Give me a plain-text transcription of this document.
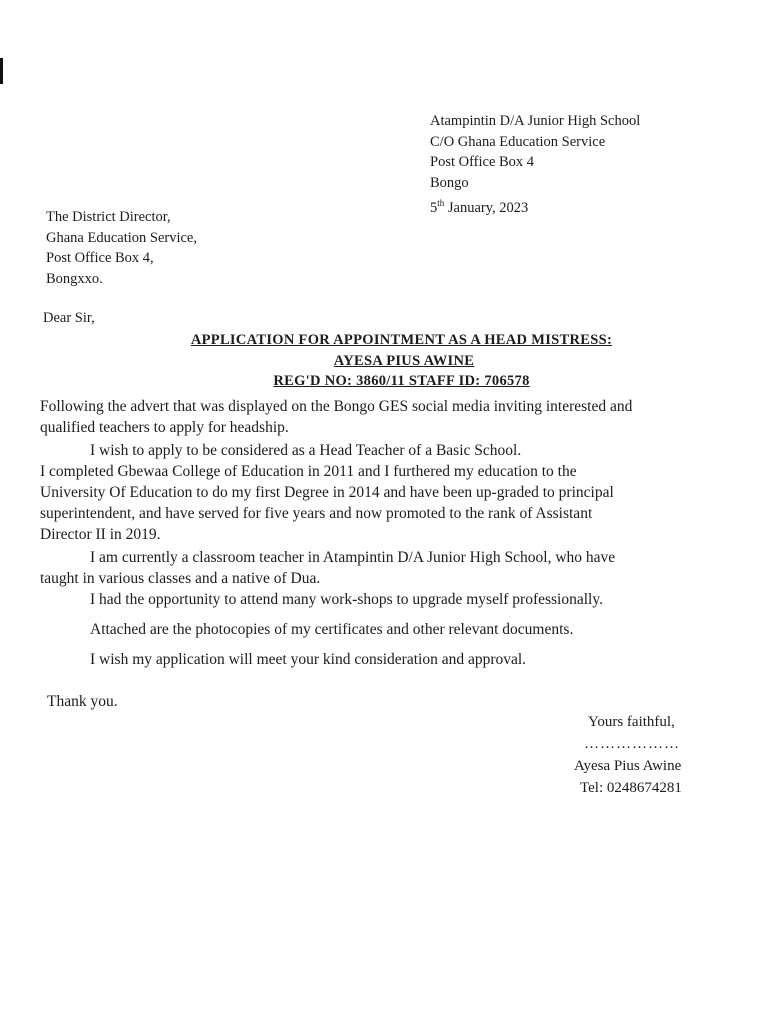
Atampintin D/A Junior High School
C/O Ghana Education Service
Post Office Box 4
Bongo
5th January, 2023
The District Director,
Ghana Education Service,
Post Office Box 4,
Bongxxo.
Dear Sir,
APPLICATION FOR APPOINTMENT AS A HEAD MISTRESS:
AYESA PIUS AWINE
REG'D NO: 3860/11 STAFF ID: 706578
Following the advert that was displayed on the Bongo GES social media inviting interested and
qualified teachers to apply for headship.
I wish to apply to be considered as a Head Teacher of a Basic School.
I completed Gbewaa College of Education in 2011 and I furthered my education to the
University Of Education to do my first Degree in 2014 and have been up-graded to principal
superintendent, and have served for five years and now promoted to the rank of Assistant
Director II in 2019.
I am currently a classroom teacher in Atampintin D/A Junior High School, who have
taught in various classes and a native of Dua.
I had the opportunity to attend many work-shops to upgrade myself professionally.
Attached are the photocopies of my certificates and other relevant documents.
I wish my application will meet your kind consideration and approval.
Thank you.
Yours faithful,
………………
Ayesa Pius Awine
Tel: 0248674281
